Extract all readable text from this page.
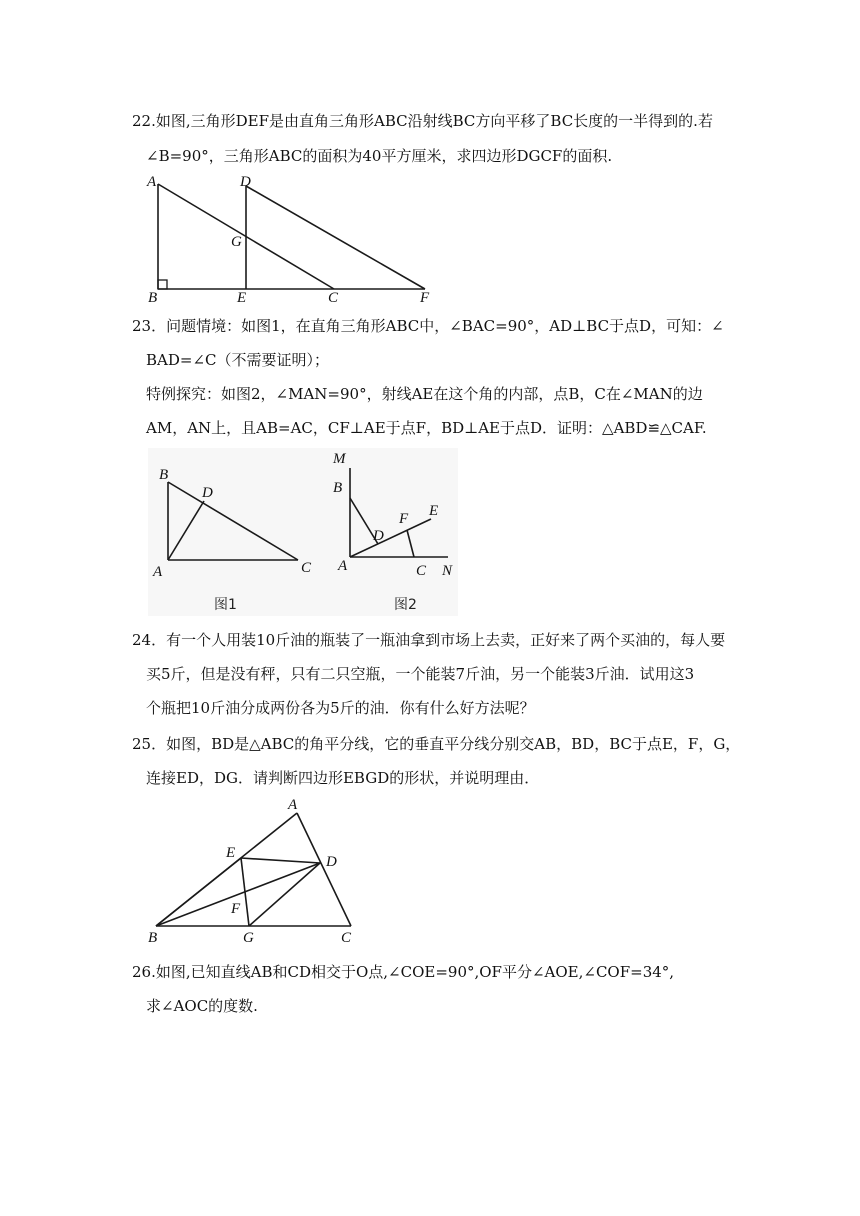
22.如图,三角形DEF是由直角三角形ABC沿射线BC方向平移了BC长度的一半得到的.若
∠B=90°，三角形ABC的面积为40平方厘米，求四边形DGCF的面积.
A	D
G
B	E	C	F
23．问题情境：如图1，在直角三角形ABC中，∠BAC=90°，AD⊥BC于点D，可知：∠
BAD=∠C（不需要证明）；
特例探究：如图2，∠MAN=90°，射线AE在这个角的内部，点B，C在∠MAN的边
AM，AN上，且AB=AC，CF⊥AE于点F，BD⊥AE于点D．证明：△ABD≌△CAF.
B
D
A	C
图1
M
B
F E
D
A	C N
图2
24．有一个人用装10斤油的瓶装了一瓶油拿到市场上去卖，正好来了两个买油的，每人要
买5斤，但是没有秤，只有二只空瓶，一个能装7斤油，另一个能装3斤油．试用这3
个瓶把10斤油分成两份各为5斤的油．你有什么好方法呢？
25．如图，BD是△ABC的角平分线，它的垂直平分线分别交AB，BD，BC于点E，F，G，
连接ED，DG．请判断四边形EBGD的形状，并说明理由．
A
E
D
F
B	G	C
26.如图,已知直线AB和CD相交于O点,∠COE=90°,OF平分∠AOE,∠COF=34°,
求∠AOC的度数.
